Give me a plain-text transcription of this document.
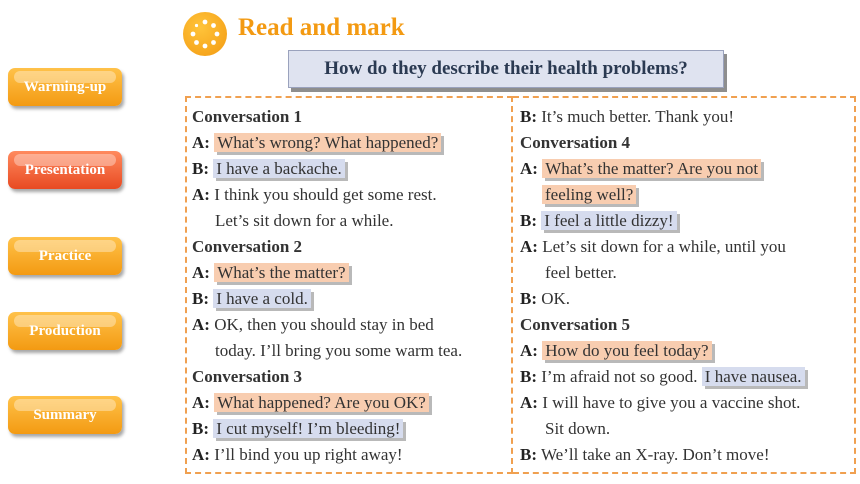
Warming-up
Presentation
Practice
Production
Summary
Read and mark
How do they describe their health problems?
Conversation 1
A: What’s wrong? What happened?
B: I have a backache.
A: I think you should get some rest.
Let’s sit down for a while.
Conversation 2
A: What’s the matter?
B: I have a cold.
A: OK, then you should stay in bed
today. I’ll bring you some warm tea.
Conversation 3
A: What happened? Are you OK?
B: I cut myself! I’m bleeding!
A: I’ll bind you up right away!
B: It’s much better. Thank you!
Conversation 4
A: What’s the matter? Are you not
feeling well?
B: I feel a little dizzy!
A: Let’s sit down for a while, until you
feel better.
B: OK.
Conversation 5
A: How do you feel today?
B: I’m afraid not so good. I have nausea.
A: I will have to give you a vaccine shot.
Sit down.
B: We’ll take an X-ray. Don’t move!
